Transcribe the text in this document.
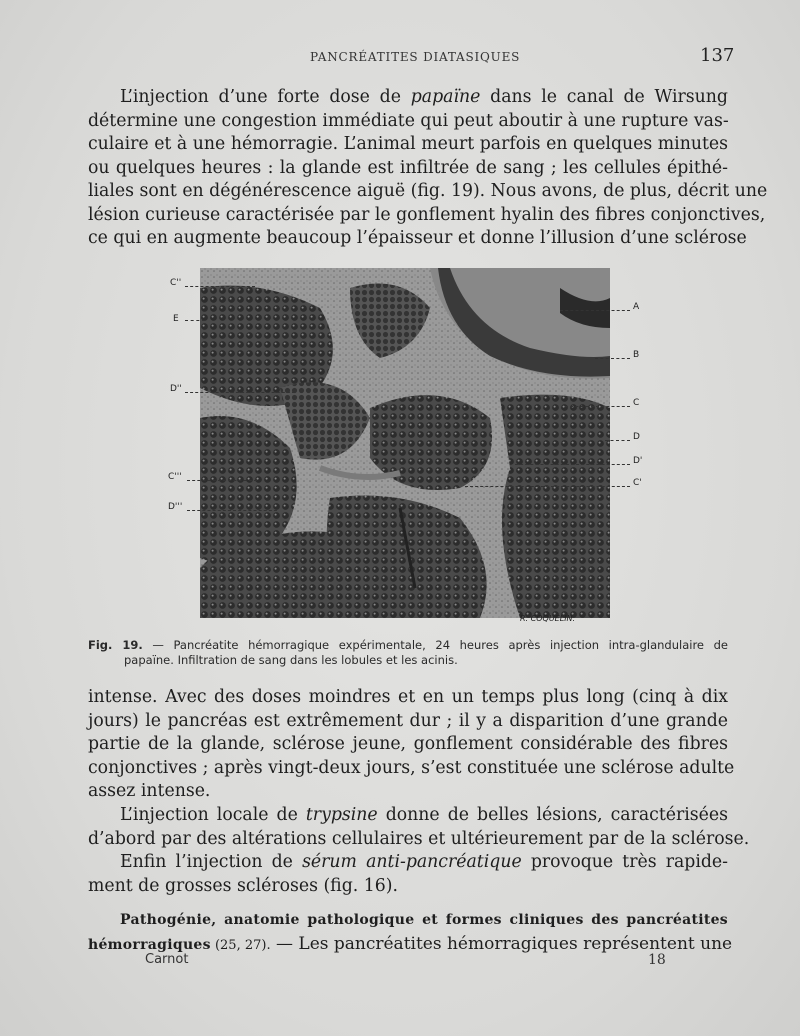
PANCRÉATITES DIATASIQUES	137
L’injection d’une forte dose de papaïne dans le canal de Wirsung
détermine une congestion immédiate qui peut aboutir à une rupture vas-
culaire et à une hémorragie. L’animal meurt parfois en quelques minutes
ou quelques heures : la glande est infiltrée de sang ; les cellules épithé-
liales sont en dégénérescence aiguë (fig. 19). Nous avons, de plus, décrit une
lésion curieuse caractérisée par le gonflement hyalin des fibres conjonctives,
ce qui en augmente beaucoup l’épaisseur et donne l’illusion d’une sclérose
C''
E
D''
C'''
D'''
A
B
C
D
D'
C'
R. COQUELIN.
Fig. 19. — Pancréatite hémorragique expérimentale, 24 heures après injection intra-glandulaire de
papaïne. Infiltration de sang dans les lobules et les acinis.
intense. Avec des doses moindres et en un temps plus long (cinq à dix
jours) le pancréas est extrêmement dur ; il y a disparition d’une grande
partie de la glande, sclérose jeune, gonflement considérable des fibres
conjonctives ; après vingt-deux jours, s’est constituée une sclérose adulte
assez intense.
L’injection locale de trypsine donne de belles lésions, caractérisées
d’abord par des altérations cellulaires et ultérieurement par de la sclérose.
Enfin l’injection de sérum anti-pancréatique provoque très rapide-
ment de grosses scléroses (fig. 16).
Pathogénie, anatomie pathologique et formes cliniques des pancréatites
hémorragiques (25, 27). — Les pancréatites hémorragiques représentent une
Carnot	18
